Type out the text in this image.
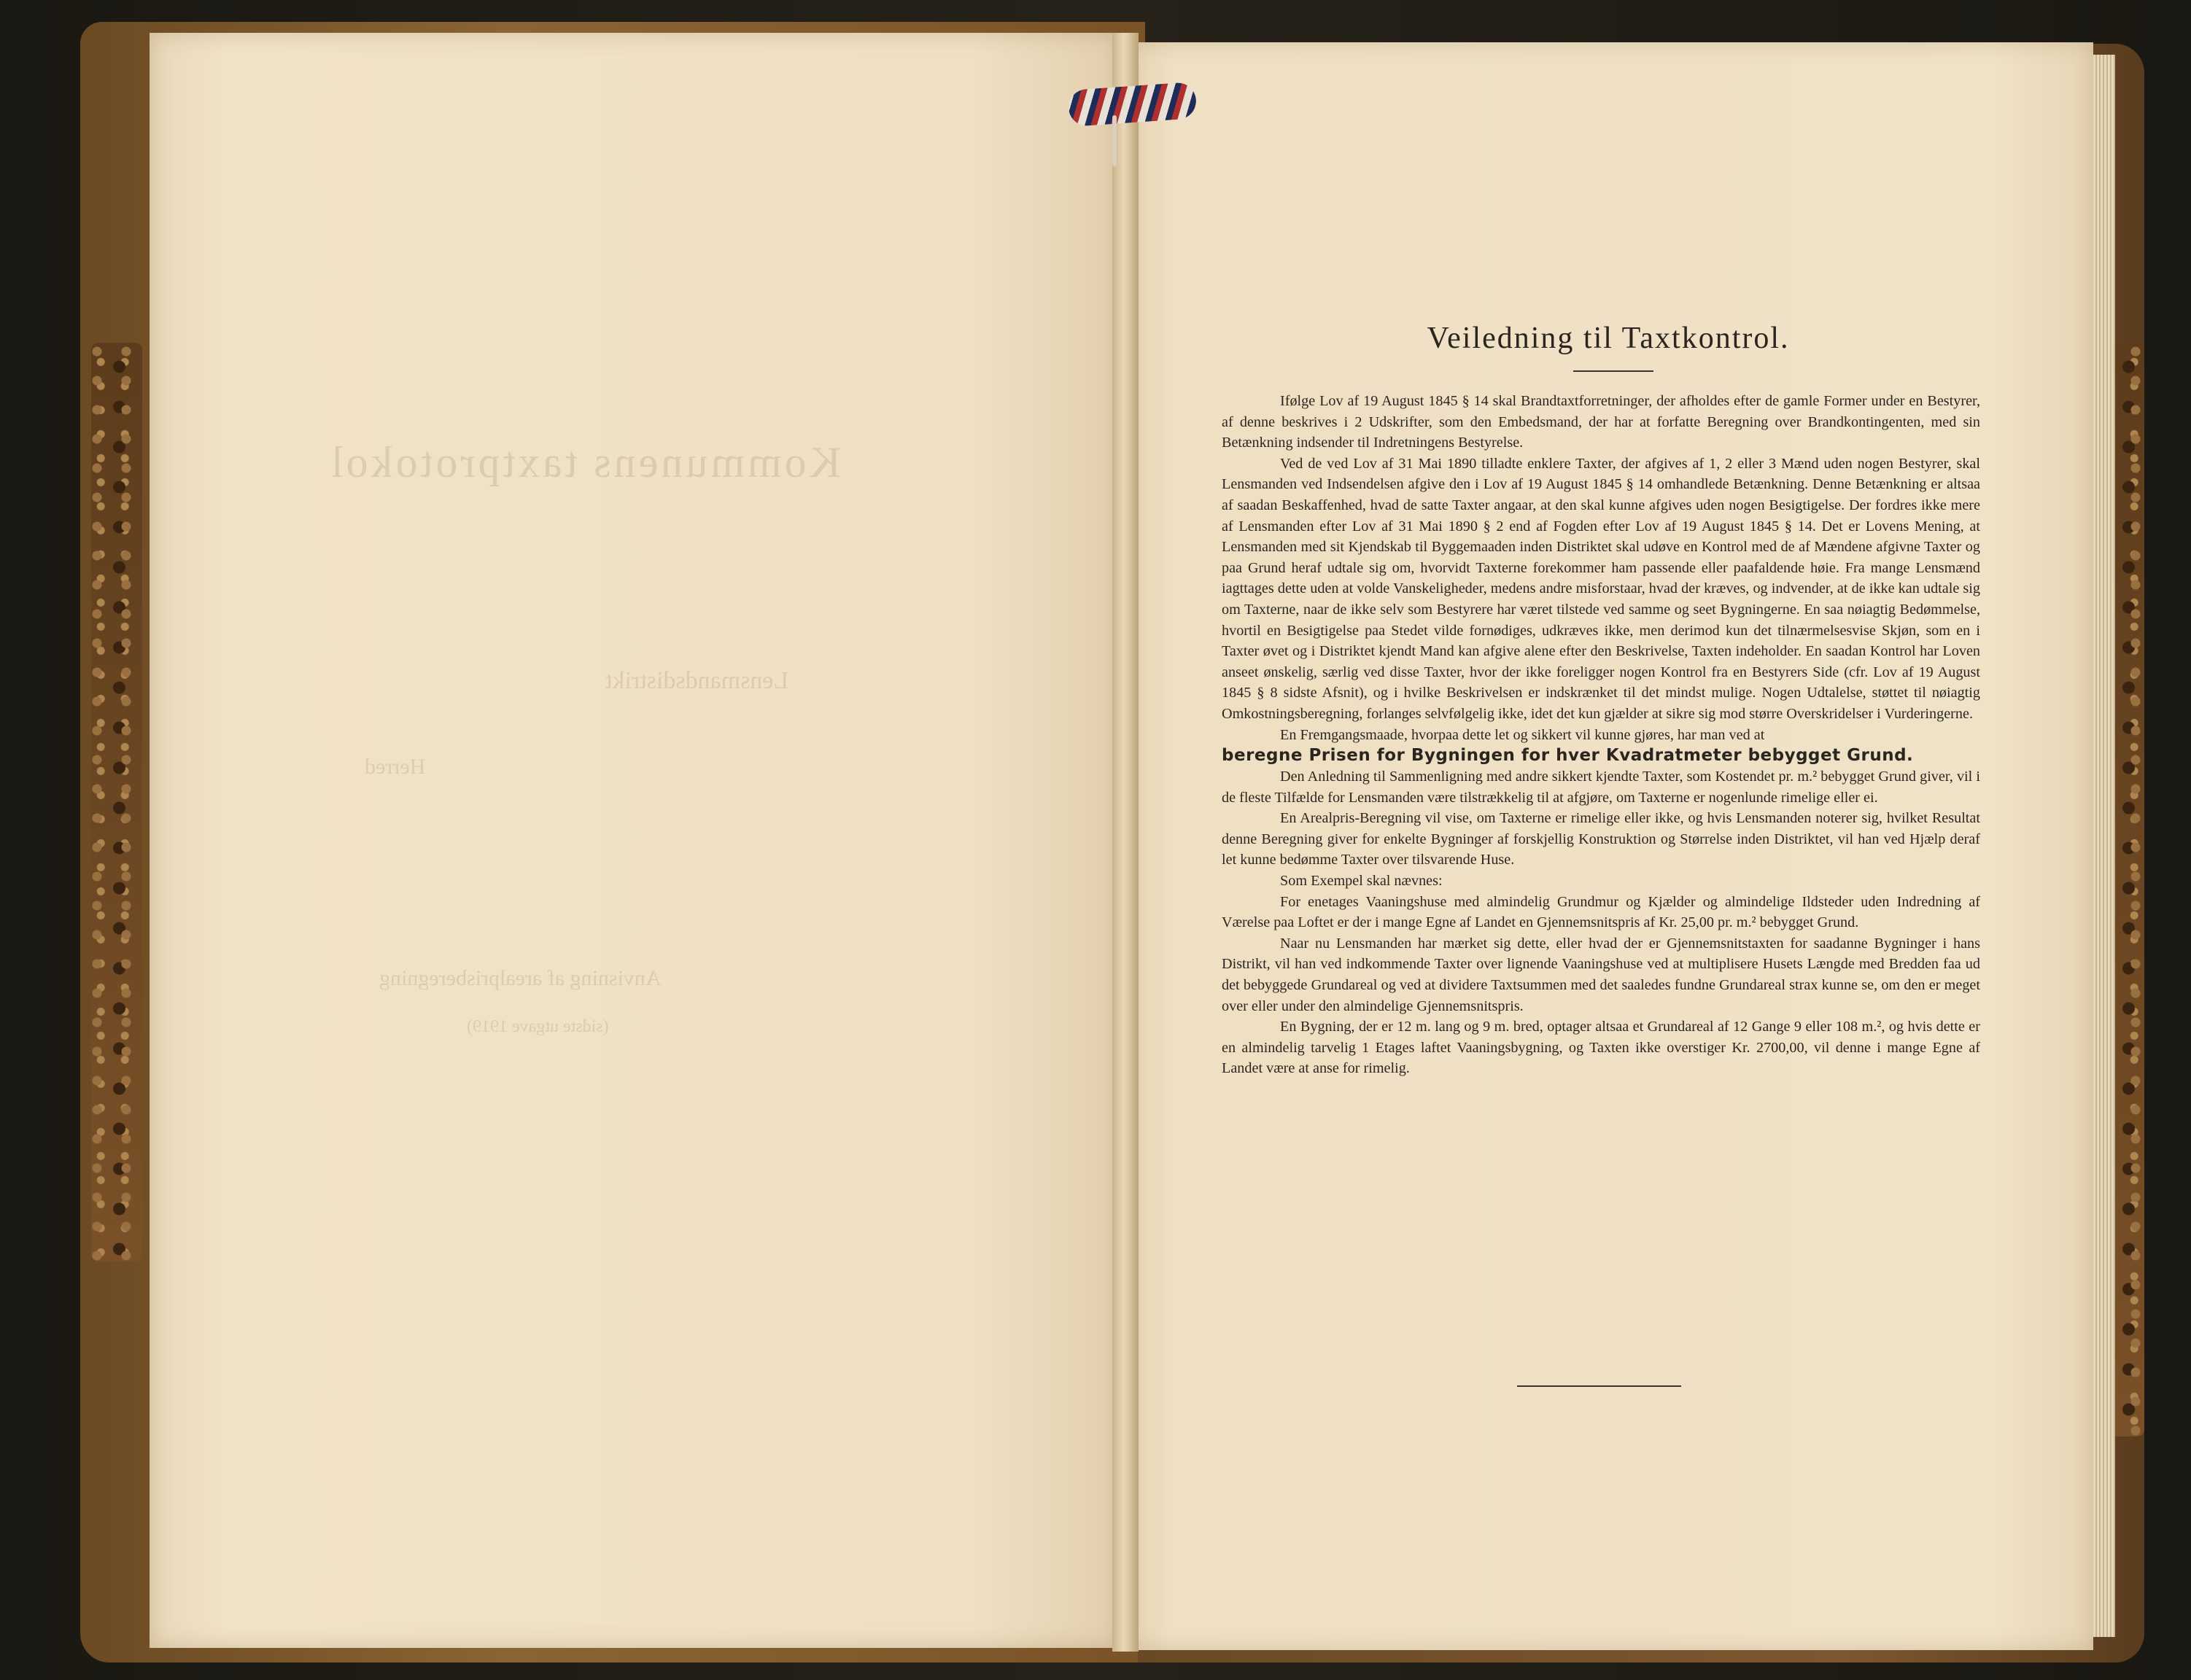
Kommunens taxtprotokol
Lensmandsdistrikt
Herred
Anvisning af arealprisberegning
(sidste utgave 1919)
Veiledning til Taxtkontrol.

Ifølge Lov af 19 August 1845 § 14 skal Brandtaxtforretninger, der afholdes efter de gamle Former under en Bestyrer, af denne beskrives i 2 Udskrifter, som den Embedsmand, der har at forfatte Beregning over Brandkontingenten, med sin Betænkning indsender til Indretningens Bestyrelse.

Ved de ved Lov af 31 Mai 1890 tilladte enklere Taxter, der afgives af 1, 2 eller 3 Mænd uden nogen Bestyrer, skal Lensmanden ved Indsendelsen afgive den i Lov af 19 August 1845 § 14 omhandlede Betænkning. Denne Betænkning er altsaa af saadan Beskaffenhed, hvad de satte Taxter angaar, at den skal kunne afgives uden nogen Besigtigelse. Der fordres ikke mere af Lensmanden efter Lov af 31 Mai 1890 § 2 end af Fogden efter Lov af 19 August 1845 § 14. Det er Lovens Mening, at Lensmanden med sit Kjendskab til Byggemaaden inden Distriktet skal udøve en Kontrol med de af Mændene afgivne Taxter og paa Grund heraf udtale sig om, hvorvidt Taxterne forekommer ham passende eller paafaldende høie. Fra mange Lensmænd iagttages dette uden at volde Vanskeligheder, medens andre misforstaar, hvad der kræves, og indvender, at de ikke kan udtale sig om Taxterne, naar de ikke selv som Bestyrere har været tilstede ved samme og seet Bygningerne. En saa nøiagtig Bedømmelse, hvortil en Besigtigelse paa Stedet vilde fornødiges, udkræves ikke, men derimod kun det tilnærmelsesvise Skjøn, som en i Taxter øvet og i Distriktet kjendt Mand kan afgive alene efter den Beskrivelse, Taxten indeholder. En saadan Kontrol har Loven anseet ønskelig, særlig ved disse Taxter, hvor der ikke foreligger nogen Kontrol fra en Bestyrers Side (cfr. Lov af 19 August 1845 § 8 sidste Afsnit), og i hvilke Beskrivelsen er indskrænket til det mindst mulige. Nogen Udtalelse, støttet til nøiagtig Omkostningsberegning, forlanges selvfølgelig ikke, idet det kun gjælder at sikre sig mod større Overskridelser i Vurderingerne.

En Fremgangsmaade, hvorpaa dette let og sikkert vil kunne gjøres, har man ved at

beregne Prisen for Bygningen for hver Kvadratmeter bebygget Grund.

Den Anledning til Sammenligning med andre sikkert kjendte Taxter, som Kostendet pr. m.² bebygget Grund giver, vil i de fleste Tilfælde for Lensmanden være tilstrækkelig til at afgjøre, om Taxterne er nogenlunde rimelige eller ei.

En Arealpris-Beregning vil vise, om Taxterne er rimelige eller ikke, og hvis Lensmanden noterer sig, hvilket Resultat denne Beregning giver for enkelte Bygninger af forskjellig Konstruktion og Størrelse inden Distriktet, vil han ved Hjælp deraf let kunne bedømme Taxter over tilsvarende Huse.

Som Exempel skal nævnes:

For enetages Vaaningshuse med almindelig Grundmur og Kjælder og almindelige Ildsteder uden Indredning af Værelse paa Loftet er der i mange Egne af Landet en Gjennemsnitspris af Kr. 25,00 pr. m.² bebygget Grund.

Naar nu Lensmanden har mærket sig dette, eller hvad der er Gjennemsnitstaxten for saadanne Bygninger i hans Distrikt, vil han ved indkommende Taxter over lignende Vaaningshuse ved at multiplisere Husets Længde med Bredden faa ud det bebyggede Grundareal og ved at dividere Taxtsummen med det saaledes fundne Grundareal strax kunne se, om den er meget over eller under den almindelige Gjennemsnitspris.

En Bygning, der er 12 m. lang og 9 m. bred, optager altsaa et Grundareal af 12 Gange 9 eller 108 m.², og hvis dette er en almindelig tarvelig 1 Etages laftet Vaaningsbygning, og Taxten ikke overstiger Kr. 2700,00, vil denne i mange Egne af Landet være at anse for rimelig.
